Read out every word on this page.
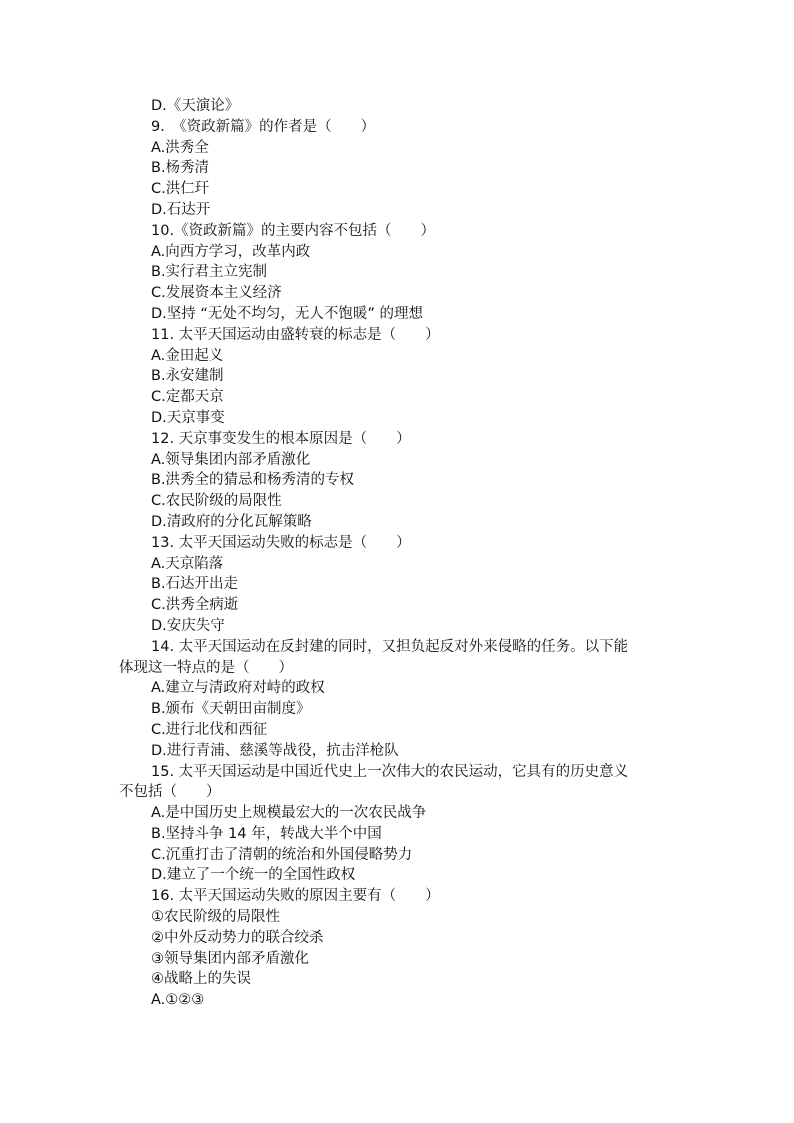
D.《天演论》
9.　《资政新篇》的作者是（　　）
A.洪秀全
B.杨秀清
C.洪仁玕
D.石达开
10.《资政新篇》的主要内容不包括（　　）
A.向西方学习，改革内政
B.实行君主立宪制
C.发展资本主义经济
D.坚持 “无处不均匀，无人不饱暖” 的理想
11. 太平天国运动由盛转衰的标志是（　　）
A.金田起义
B.永安建制
C.定都天京
D.天京事变
12. 天京事变发生的根本原因是（　　）
A.领导集团内部矛盾激化
B.洪秀全的猜忌和杨秀清的专权
C.农民阶级的局限性
D.清政府的分化瓦解策略
13. 太平天国运动失败的标志是（　　）
A.天京陷落
B.石达开出走
C.洪秀全病逝
D.安庆失守
14. 太平天国运动在反封建的同时，又担负起反对外来侵略的任务。以下能
体现这一特点的是（　　）
A.建立与清政府对峙的政权
B.颁布《天朝田亩制度》
C.进行北伐和西征
D.进行青浦、慈溪等战役，抗击洋枪队
15. 太平天国运动是中国近代史上一次伟大的农民运动，它具有的历史意义
不包括（　　）
A.是中国历史上规模最宏大的一次农民战争
B.坚持斗争 14 年，转战大半个中国
C.沉重打击了清朝的统治和外国侵略势力
D.建立了一个统一的全国性政权
16. 太平天国运动失败的原因主要有（　　）
①农民阶级的局限性
②中外反动势力的联合绞杀
③领导集团内部矛盾激化
④战略上的失误
A.①②③
